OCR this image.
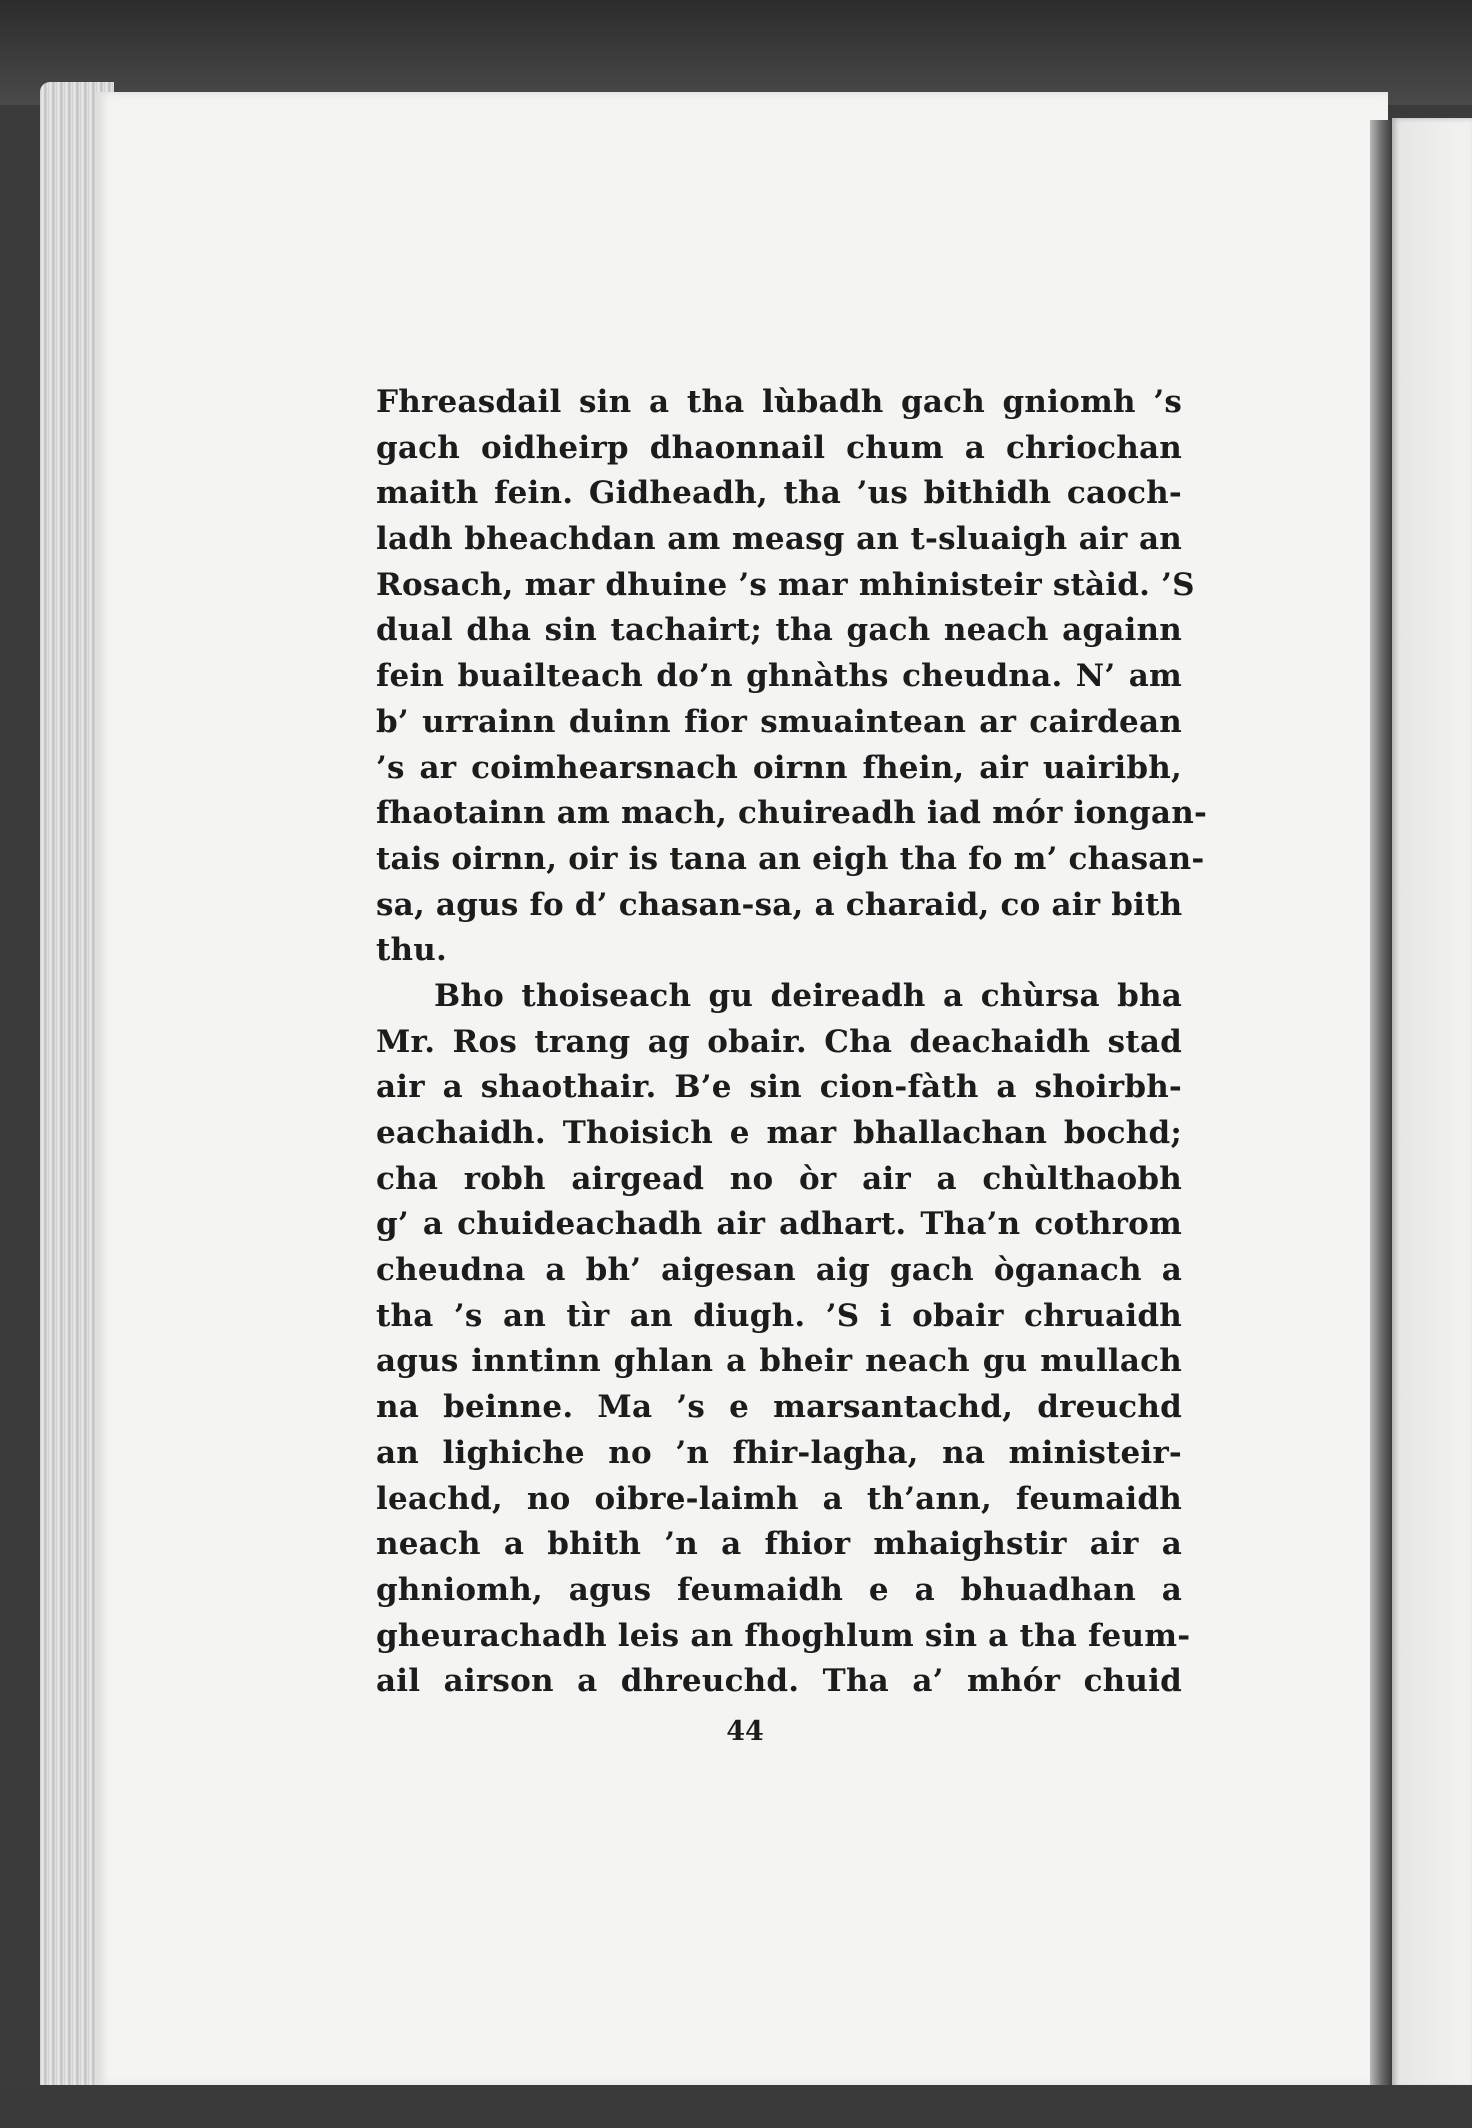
Fhreasdail sin a tha lùbadh gach gniomh ’s
gach oidheirp dhaonnail chum a chriochan
maith fein. Gidheadh, tha ’us bithidh caoch-
ladh bheachdan am measg an t-sluaigh air an
Rosach, mar dhuine ’s mar mhinisteir stàid. ’S
dual dha sin tachairt; tha gach neach againn
fein buailteach do’n ghnàths cheudna. N’ am
b’ urrainn duinn fior smuaintean ar cairdean
’s ar coimhearsnach oirnn fhein, air uairibh,
fhaotainn am mach, chuireadh iad mór iongan-
tais oirnn, oir is tana an eigh tha fo m’ chasan-
sa, agus fo d’ chasan-sa, a charaid, co air bith
thu.
Bho thoiseach gu deireadh a chùrsa bha
Mr. Ros trang ag obair. Cha deachaidh stad
air a shaothair. B’e sin cion-fàth a shoirbh-
eachaidh. Thoisich e mar bhallachan bochd;
cha robh airgead no òr air a chùlthaobh
g’ a chuideachadh air adhart. Tha’n cothrom
cheudna a bh’ aigesan aig gach òganach a
tha ’s an tìr an diugh. ’S i obair chruaidh
agus inntinn ghlan a bheir neach gu mullach
na beinne. Ma ’s e marsantachd, dreuchd
an lighiche no ’n fhir-lagha, na ministeir-
leachd, no oibre-laimh a th’ann, feumaidh
neach a bhith ’n a fhior mhaighstir air a
ghniomh, agus feumaidh e a bhuadhan a
gheurachadh leis an fhoghlum sin a tha feum-
ail airson a dhreuchd. Tha a’ mhór chuid
44
